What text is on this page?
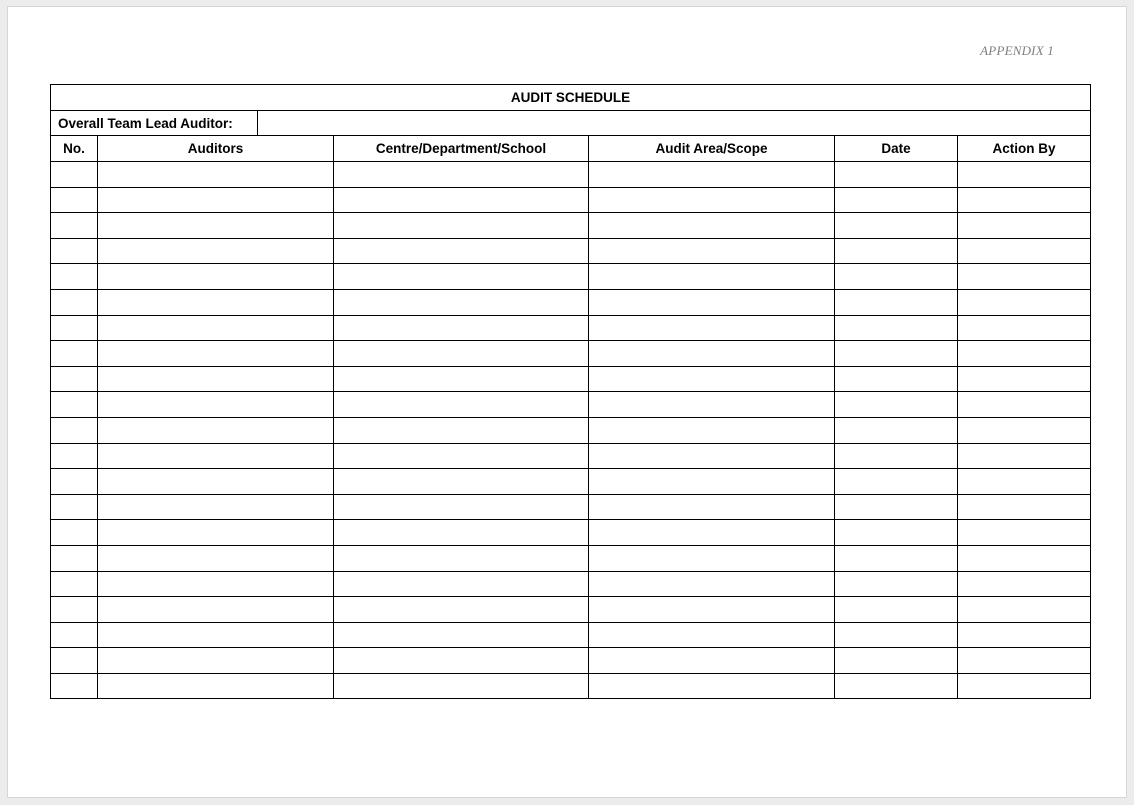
APPENDIX 1
AUDIT SCHEDULE						
Overall Team Lead Auditor:						
No.	Auditors		Centre/Department/School	Audit Area/Scope	Date	Action By
